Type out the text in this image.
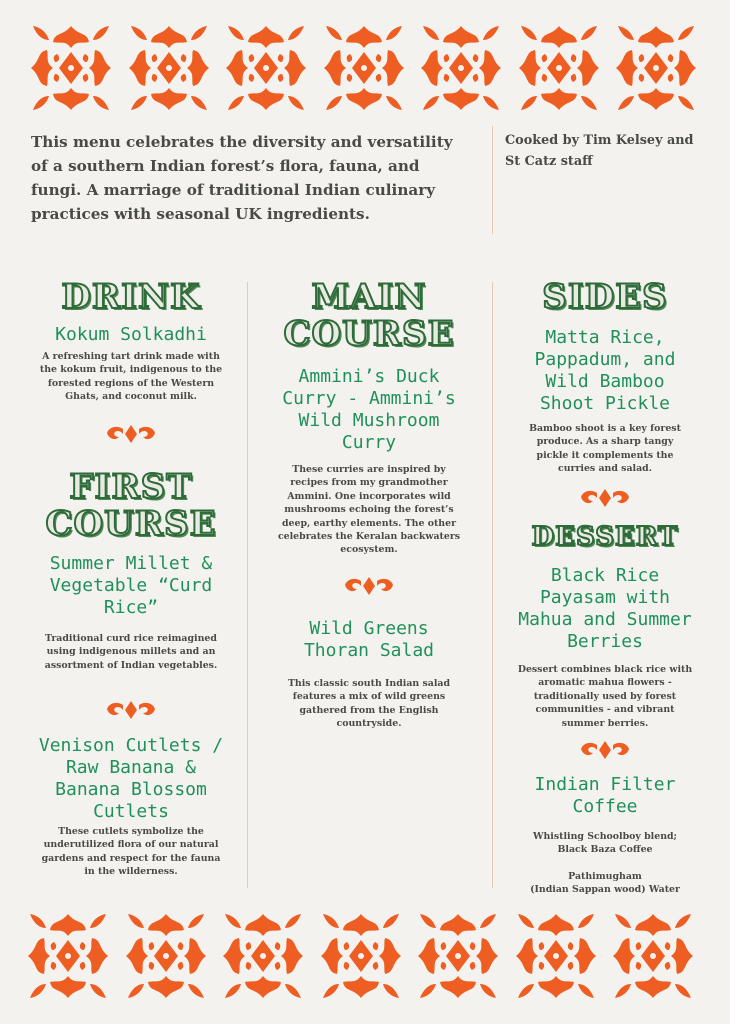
This menu celebrates the diversity and versatility of a southern Indian forest’s flora, fauna, and fungi. A marriage of traditional Indian culinary practices with seasonal UK ingredients.

Cooked by Tim Kelsey and St Catz staff

DRINK

Kokum Solkadhi

A refreshing tart drink made with the kokum fruit, indigenous to the forested regions of the Western Ghats, and coconut milk.

FIRST
COURSE

Summer Millet & Vegetable “Curd Rice”

Traditional curd rice reimagined using indigenous millets and an assortment of Indian vegetables.

Venison Cutlets / Raw Banana & Banana Blossom Cutlets

These cutlets symbolize the underutilized flora of our natural gardens and respect for the fauna in the wilderness.

MAIN
COURSE

Ammini’s Duck Curry - Ammini’s Wild Mushroom Curry

These curries are inspired by recipes from my grandmother Ammini. One incorporates wild mushrooms echoing the forest’s deep, earthy elements. The other celebrates the Keralan backwaters ecosystem.

Wild Greens Thoran Salad

This classic south Indian salad features a mix of wild greens gathered from the English countryside.

SIDES

Matta Rice, Pappadum, and Wild Bamboo Shoot Pickle

Bamboo shoot is a key forest produce. As a sharp tangy pickle it complements the curries and salad.

DESSERT

Black Rice Payasam with Mahua and Summer Berries

Dessert combines black rice with aromatic mahua flowers - traditionally used by forest communities - and vibrant summer berries.

Indian Filter Coffee

Whistling Schoolboy blend;

Black Baza Coffee

Pathimugham

(Indian Sappan wood) Water
